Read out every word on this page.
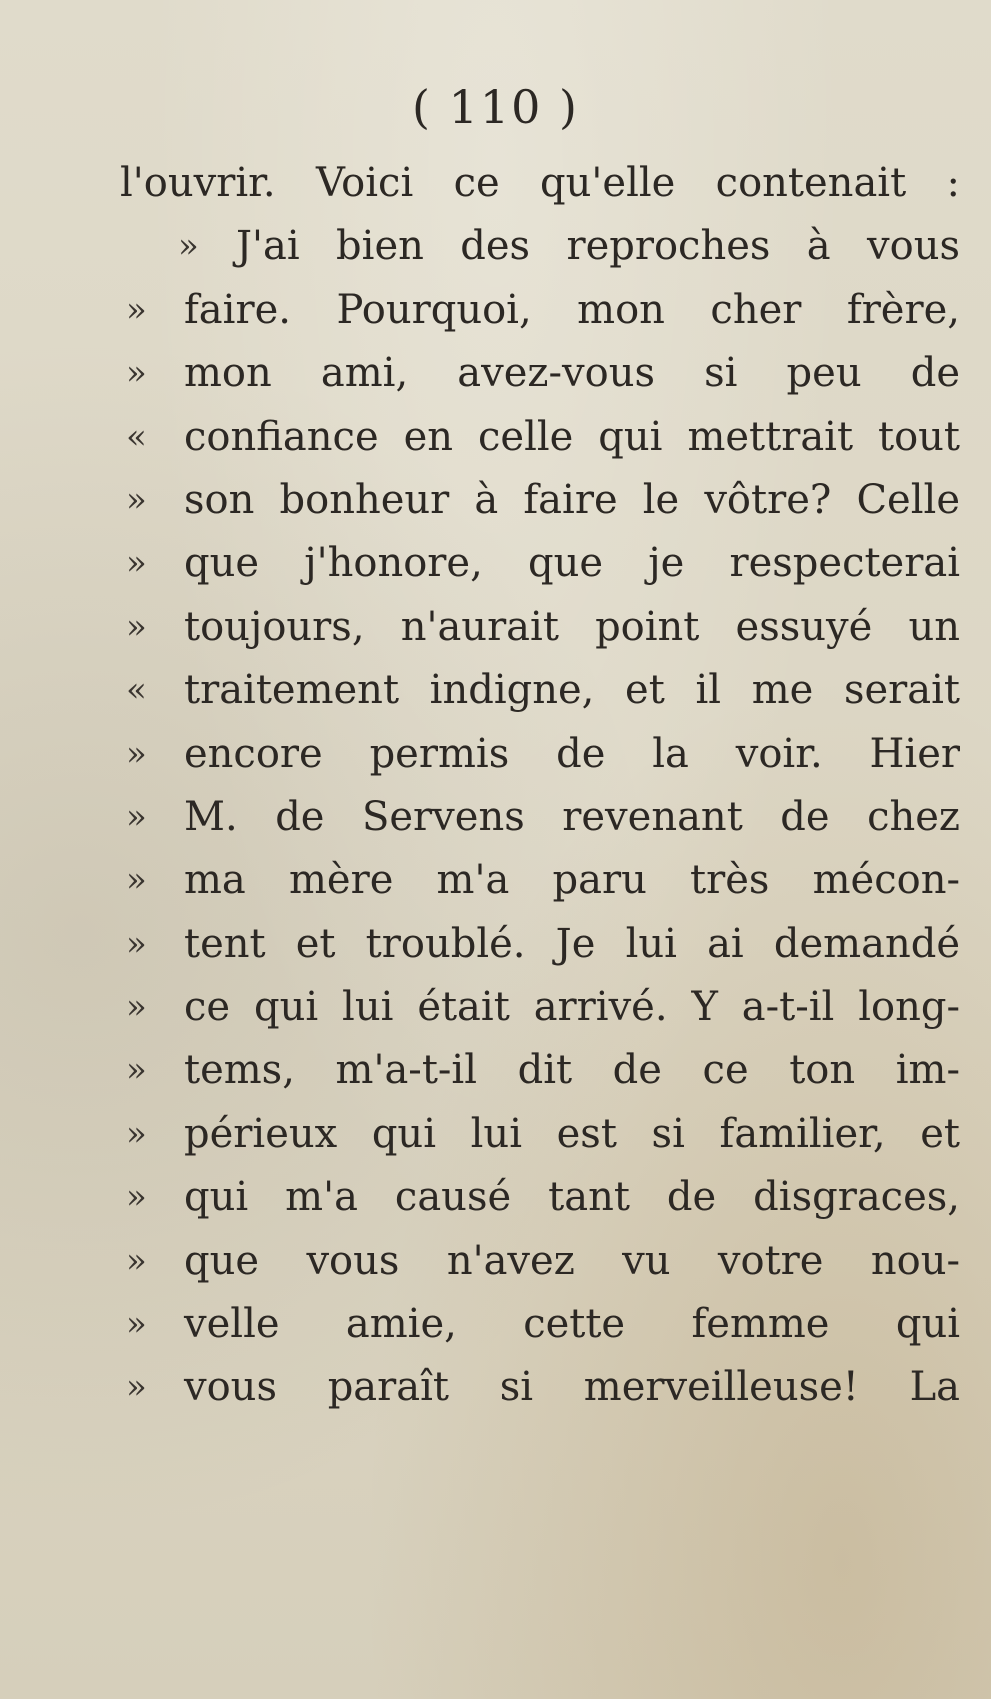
( 110 )
l'ouvrir. Voici ce qu'elle contenait :
» J'ai bien des reproches à vous
» faire. Pourquoi, mon cher frère,
» mon ami, avez-vous si peu de
« confiance en celle qui mettrait tout
» son bonheur à faire le vôtre? Celle
» que j'honore, que je respecterai
» toujours, n'aurait point essuyé un
« traitement indigne, et il me serait
» encore permis de la voir. Hier
» M. de Servens revenant de chez
» ma mère m'a paru très mécon-
» tent et troublé. Je lui ai demandé
» ce qui lui était arrivé. Y a-t-il long-
» tems, m'a-t-il dit de ce ton im-
» périeux qui lui est si familier, et
» qui m'a causé tant de disgraces,
» que vous n'avez vu votre nou-
» velle amie, cette femme qui
» vous paraît si merveilleuse! La
